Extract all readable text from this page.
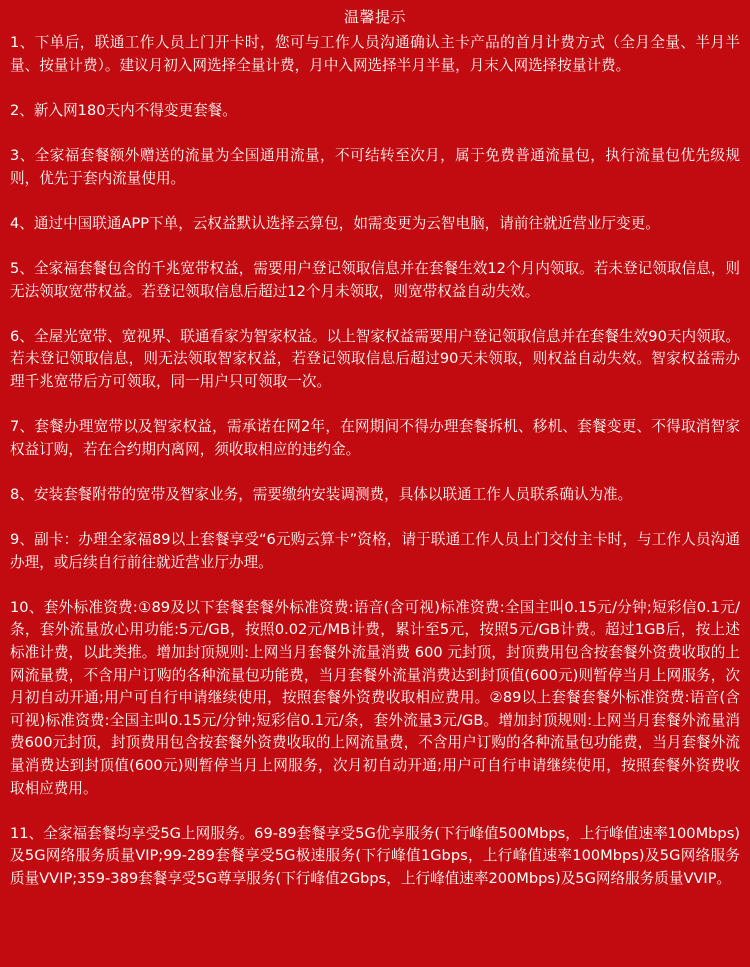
温馨提示

1、下单后，联通工作人员上门开卡时，您可与工作人员沟通确认主卡产品的首月计费方式（全月全量、半月半量、按量计费）。建议月初入网选择全量计费，月中入网选择半月半量，月末入网选择按量计费。

2、新入网180天内不得变更套餐。

3、全家福套餐额外赠送的流量为全国通用流量，不可结转至次月，属于免费普通流量包，执行流量包优先级规则，优先于套内流量使用。

4、通过中国联通APP下单，云权益默认选择云算包，如需变更为云智电脑，请前往就近营业厅变更。

5、全家福套餐包含的千兆宽带权益，需要用户登记领取信息并在套餐生效12个月内领取。若未登记领取信息，则无法领取宽带权益。若登记领取信息后超过12个月未领取，则宽带权益自动失效。

6、全屋光宽带、宽视界、联通看家为智家权益。以上智家权益需要用户登记领取信息并在套餐生效90天内领取。若未登记领取信息，则无法领取智家权益，若登记领取信息后超过90天未领取，则权益自动失效。智家权益需办理千兆宽带后方可领取，同一用户只可领取一次。

7、套餐办理宽带以及智家权益，需承诺在网2年，在网期间不得办理套餐拆机、移机、套餐变更、不得取消智家权益订购，若在合约期内离网，须收取相应的违约金。

8、安装套餐附带的宽带及智家业务，需要缴纳安装调测费，具体以联通工作人员联系确认为准。

9、副卡：办理全家福89以上套餐享受“6元购云算卡”资格，请于联通工作人员上门交付主卡时，与工作人员沟通办理，或后续自行前往就近营业厅办理。

10、套外标准资费:①89及以下套餐套餐外标准资费:语音(含可视)标准资费:全国主叫0.15元/分钟;短彩信0.1元/条，套外流量放心用功能:5元/GB，按照0.02元/MB计费，累计至5元，按照5元/GB计费。超过1GB后，按上述标准计费，以此类推。增加封顶规则:上网当月套餐外流量消费 600 元封顶，封顶费用包含按套餐外资费收取的上网流量费，不含用户订购的各种流量包功能费，当月套餐外流量消费达到封顶值(600元)则暂停当月上网服务，次月初自动开通;用户可自行申请继续使用，按照套餐外资费收取相应费用。②89以上套餐套餐外标准资费:语音(含可视)标准资费:全国主叫0.15元/分钟;短彩信0.1元/条，套外流量3元/GB。增加封顶规则:上网当月套餐外流量消费600元封顶，封顶费用包含按套餐外资费收取的上网流量费，不含用户订购的各种流量包功能费，当月套餐外流量消费达到封顶值(600元)则暂停当月上网服务，次月初自动开通;用户可自行申请继续使用，按照套餐外资费收取相应费用。

11、全家福套餐均享受5G上网服务。69-89套餐享受5G优享服务(下行峰值500Mbps，上行峰值速率100Mbps)及5G网络服务质量VIP;99-289套餐享受5G极速服务(下行峰值1Gbps，上行峰值速率100Mbps)及5G网络服务质量VVIP;359-389套餐享受5G尊享服务(下行峰值2Gbps，上行峰值速率200Mbps)及5G网络服务质量VVIP。
